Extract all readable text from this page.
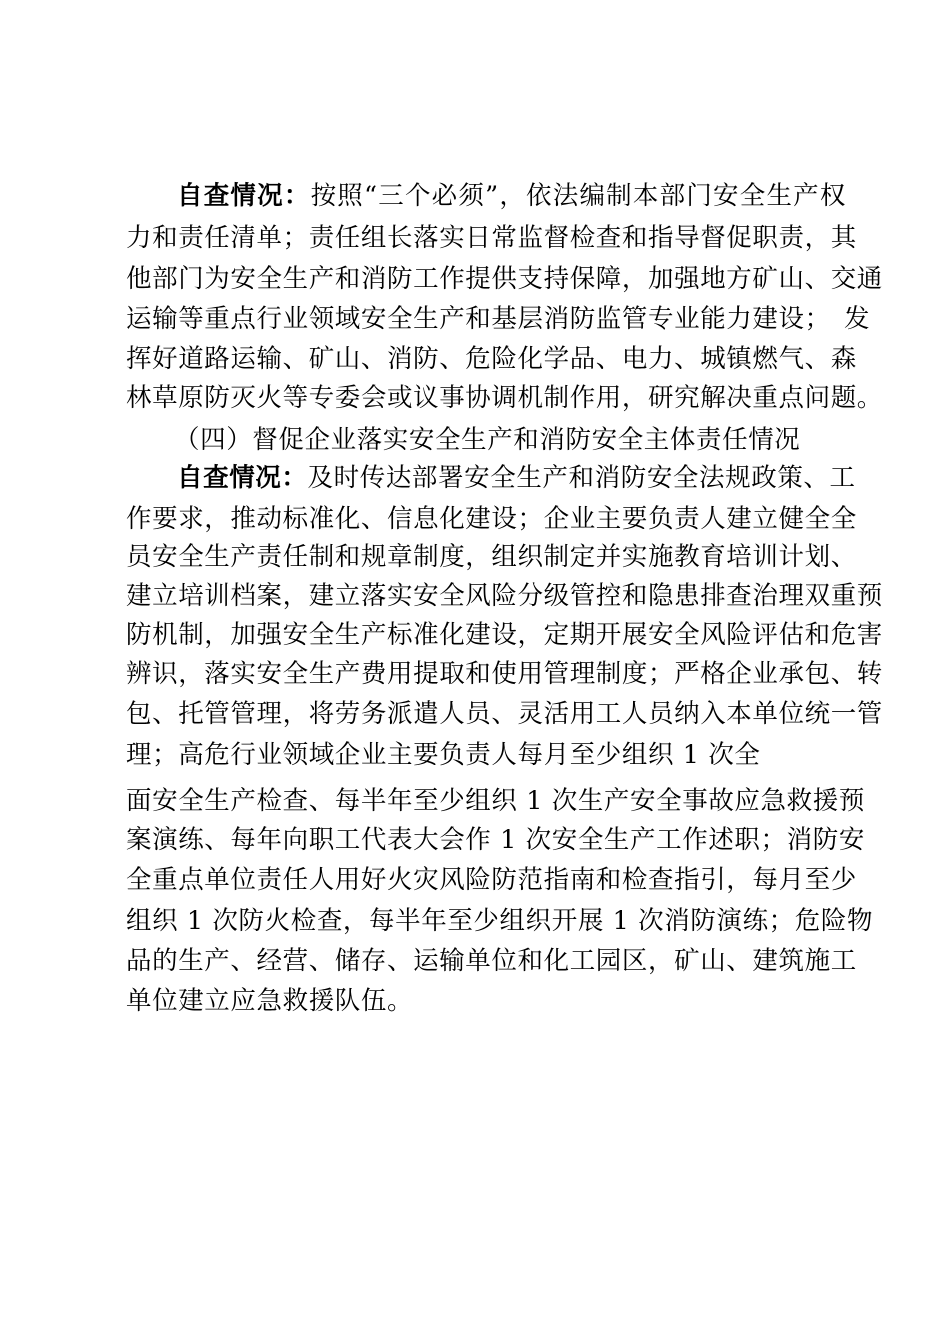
自查情况：按照“三个必须”，依法编制本部门安全生产权
力和责任清单；责任组长落实日常监督检查和指导督促职责，其
他部门为安全生产和消防工作提供支持保障，加强地方矿山、交通
运输等重点行业领域安全生产和基层消防监管专业能力建设；　发
挥好道路运输、矿山、消防、危险化学品、电力、城镇燃气、森
林草原防灭火等专委会或议事协调机制作用，研究解决重点问题。
（四）督促企业落实安全生产和消防安全主体责任情况
自查情况：及时传达部署安全生产和消防安全法规政策、工
作要求，推动标准化、信息化建设；企业主要负责人建立健全全
员安全生产责任制和规章制度，组织制定并实施教育培训计划、
建立培训档案，建立落实安全风险分级管控和隐患排查治理双重预
防机制，加强安全生产标准化建设，定期开展安全风险评估和危害
辨识，落实安全生产费用提取和使用管理制度；严格企业承包、转
包、托管管理，将劳务派遣人员、灵活用工人员纳入本单位统一管
理；高危行业领域企业主要负责人每月至少组织 1 次全
面安全生产检查、每半年至少组织 1 次生产安全事故应急救援预
案演练、每年向职工代表大会作 1 次安全生产工作述职；消防安
全重点单位责任人用好火灾风险防范指南和检查指引，每月至少
组织 1 次防火检查，每半年至少组织开展 1 次消防演练；危险物
品的生产、经营、储存、运输单位和化工园区，矿山、建筑施工
单位建立应急救援队伍。
